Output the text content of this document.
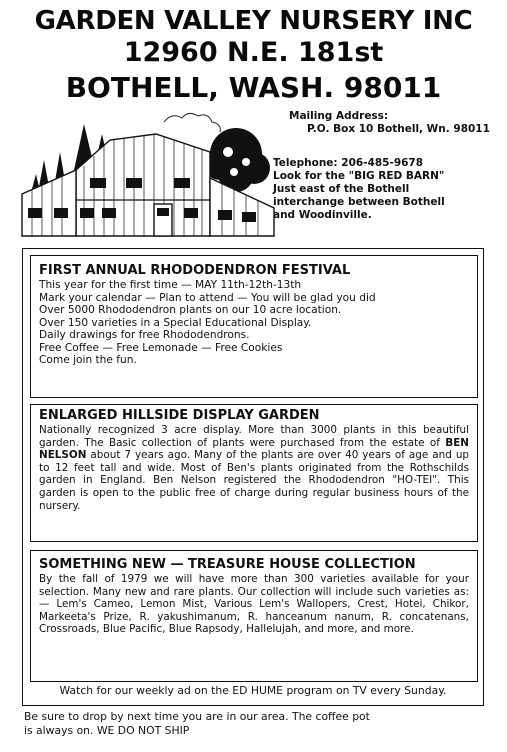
GARDEN VALLEY NURSERY INC
12960 N.E. 181st
BOTHELL, WASH. 98011
Mailing Address:
P.O. Box 10 Bothell, Wn. 98011
Telephone: 206-485-9678
Look for the "BIG RED BARN"
Just east of the Bothell
interchange between Bothell
and Woodinville.
FIRST ANNUAL RHODODENDRON FESTIVAL
This year for the first time — MAY 11th-12th-13th
Mark your calendar — Plan to attend — You will be glad you did
Over 5000 Rhododendron plants on our 10 acre location.
Over 150 varieties in a Special Educational Display.
Daily drawings for free Rhododendrons.
Free Coffee — Free Lemonade — Free Cookies
Come join the fun.
ENLARGED HILLSIDE DISPLAY GARDEN
Nationally recognized 3 acre display. More than 3000 plants in this beautiful garden. The Basic collection of plants were purchased from the estate of BEN NELSON about 7 years ago. Many of the plants are over 40 years of age and up to 12 feet tall and wide. Most of Ben's plants originated from the Rothschilds garden in England. Ben Nelson registered the Rhododendron "HO-TEI". This garden is open to the public free of charge during regular business hours of the nursery.
SOMETHING NEW — TREASURE HOUSE COLLECTION
By the fall of 1979 we will have more than 300 varieties available for your selection. Many new and rare plants. Our collection will include such varieties as: — Lem's Cameo, Lemon Mist, Various Lem's Wallopers, Crest, Hotei, Chikor, Markeeta's Prize, R. yakushimanum, R. hanceanum nanum, R. concatenans, Crossroads, Blue Pacific, Blue Rapsody, Hallelujah, and more, and more.
Watch for our weekly ad on the ED HUME program on TV every Sunday.
Be sure to drop by next time you are in our area. The coffee pot
is always on. WE DO NOT SHIP
